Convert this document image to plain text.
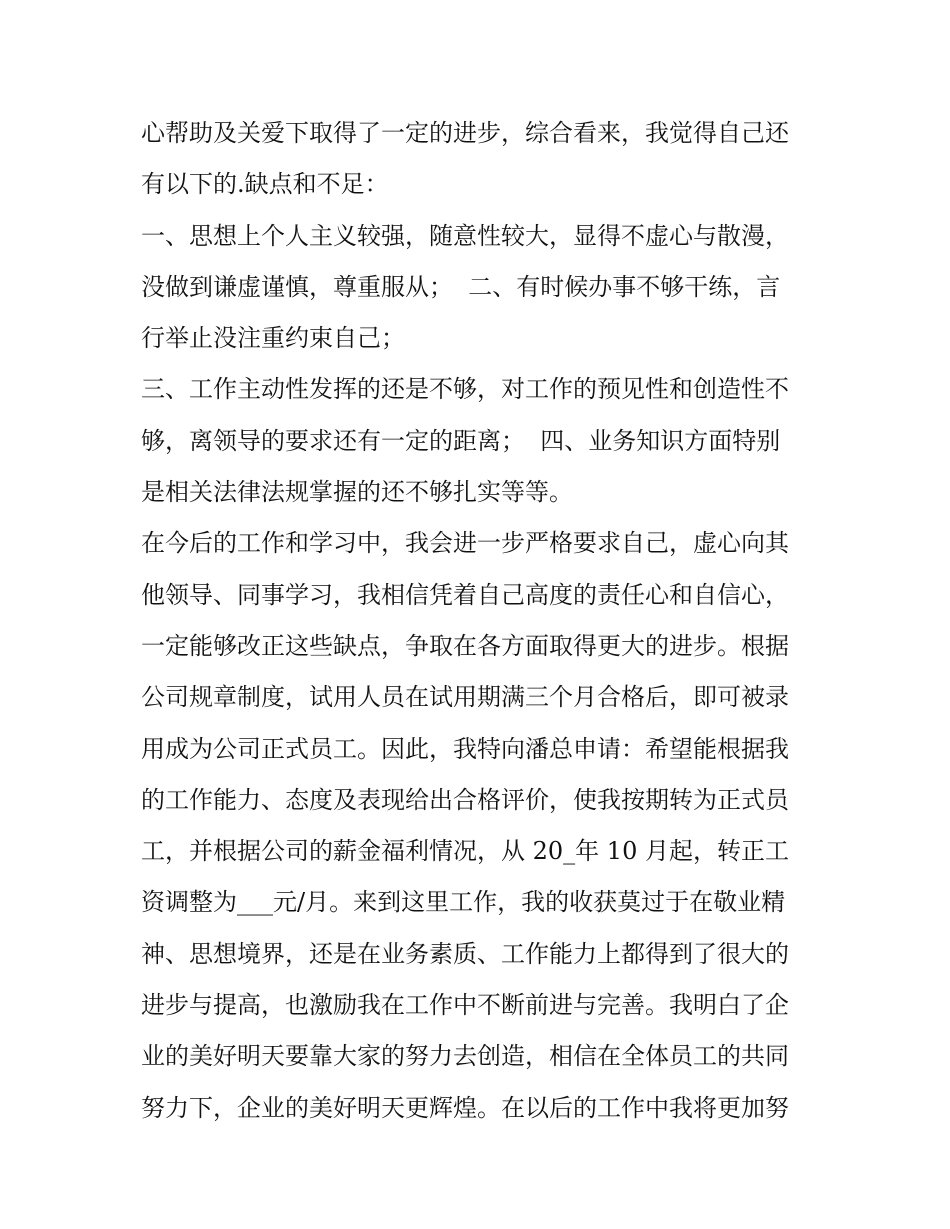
心帮助及关爱下取得了一定的进步，综合看来，我觉得自己还
有以下的.缺点和不足：
一、思想上个人主义较强，随意性较大，显得不虚心与散漫，
没做到谦虚谨慎，尊重服从；  二、有时候办事不够干练，言
行举止没注重约束自己；
三、工作主动性发挥的还是不够，对工作的预见性和创造性不
够，离领导的要求还有一定的距离；  四、业务知识方面特别
是相关法律法规掌握的还不够扎实等等。
在今后的工作和学习中，我会进一步严格要求自己，虚心向其
他领导、同事学习，我相信凭着自己高度的责任心和自信心，
一定能够改正这些缺点，争取在各方面取得更大的进步。根据
公司规章制度，试用人员在试用期满三个月合格后，即可被录
用成为公司正式员工。因此，我特向潘总申请：希望能根据我
的工作能力、态度及表现给出合格评价，使我按期转为正式员
工，并根据公司的薪金福利情况，从 20_年 10 月起，转正工
资调整为___元/月。来到这里工作，我的收获莫过于在敬业精
神、思想境界，还是在业务素质、工作能力上都得到了很大的
进步与提高，也激励我在工作中不断前进与完善。我明白了企
业的美好明天要靠大家的努力去创造，相信在全体员工的共同
努力下，企业的美好明天更辉煌。在以后的工作中我将更加努
